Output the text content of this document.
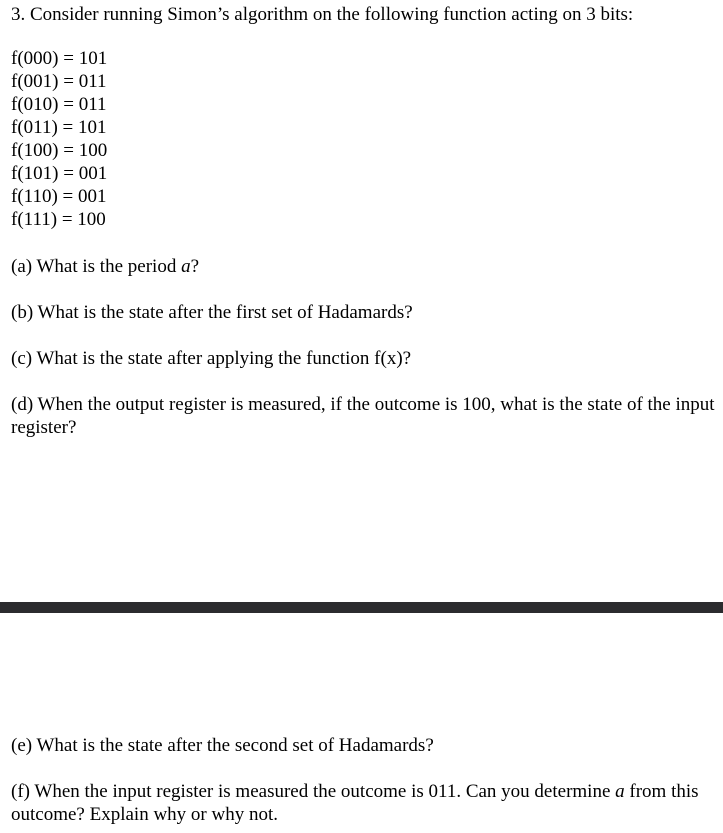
3. Consider running Simon’s algorithm on the following function acting on 3 bits:
f(000) = 101
f(001) = 011
f(010) = 011
f(011) = 101
f(100) = 100
f(101) = 001
f(110) = 001
f(111) = 100
(a) What is the period a?
(b) What is the state after the first set of Hadamards?
(c) What is the state after applying the function f(x)?
(d) When the output register is measured, if the outcome is 100, what is the state of the input register?
(e) What is the state after the second set of Hadamards?
(f) When the input register is measured the outcome is 011. Can you determine a from this outcome? Explain why or why not.
